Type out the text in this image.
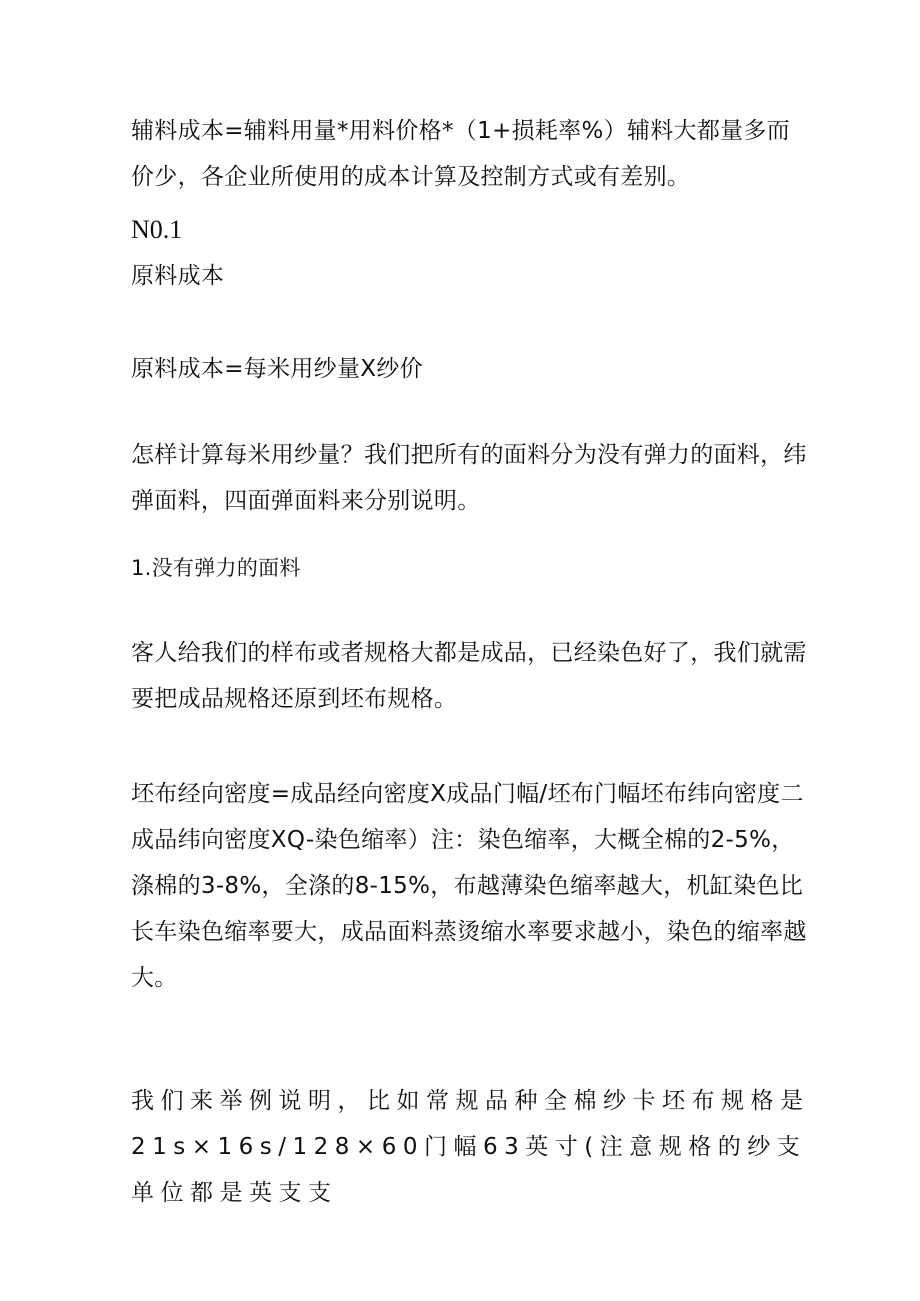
辅料成本=辅料用量*用料价格*（1+损耗率%）辅料大都量多而价少，各企业所使用的成本计算及控制方式或有差别。

N0.1

原料成本

原料成本=每米用纱量X纱价

怎样计算每米用纱量？我们把所有的面料分为没有弹力的面料，纬弹面料，四面弹面料来分别说明。

1.没有弹力的面料

客人给我们的样布或者规格大都是成品，已经染色好了，我们就需要把成品规格还原到坯布规格。

坯布经向密度=成品经向密度X成品门幅/坯布门幅坯布纬向密度二成品纬向密度XQ-染色缩率）注：染色缩率，大概全棉的2-5%，涤棉的3-8%，全涤的8-15%，布越薄染色缩率越大，机缸染色比长车染色缩率要大，成品面料蒸烫缩水率要求越小，染色的缩率越大。

我们来举例说明，比如常规品种全棉纱卡坯布规格是21s×16s/128×60门幅63英寸(注意规格的纱支单位都是英支支
